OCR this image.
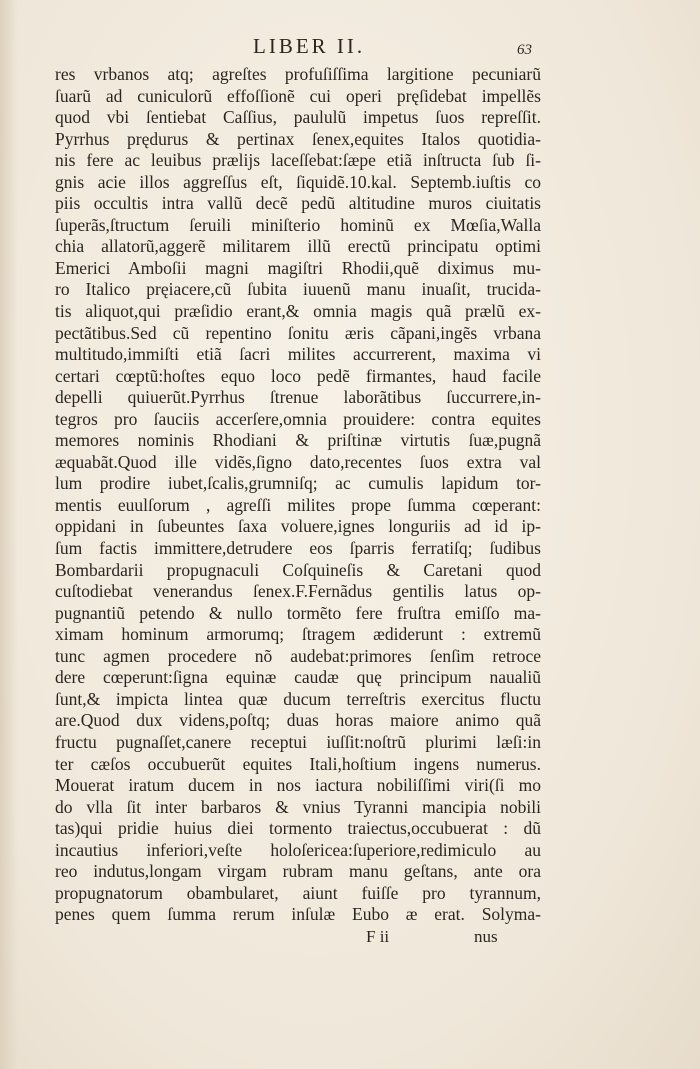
LIBER II.	63
res vrbanos atq; agreſtes profuſiſſima largitione pecuniarũ
ſuarũ ad cuniculorũ effoſſionẽ cui operi pręſidebat impellẽs
quod vbi ſentiebat Caſſius, paululũ impetus ſuos repreſſit.
Pyrrhus prędurus & pertinax ſenex,equites Italos quotidia-
nis fere ac leuibus prælijs laceſſebat:ſæpe etiã inſtructa ſub ſi-
gnis acie illos aggreſſus eſt, ſiquidẽ.10.kal. Septemb.iuſtis co
piis occultis intra vallũ decẽ pedũ altitudine muros ciuitatis
ſuperãs,ſtructum ſeruili miniſterio hominũ ex Mœſia,Walla
chia allatorũ,aggerẽ militarem illũ erectũ principatu optimi
Emerici Amboſii magni magiſtri Rhodii,quẽ diximus mu-
ro Italico pręiacere,cũ ſubita iuuenũ manu inuaſit, trucida-
tis aliquot,qui præſidio erant,& omnia magis quã prælũ ex-
pectãtibus.Sed cũ repentino ſonitu æris cãpani,ingẽs vrbana
multitudo,immiſti etiã ſacri milites accurrerent, maxima vi
certari cœptũ:hoſtes equo loco pedẽ firmantes, haud facile
depelli quiuerũt.Pyrrhus ſtrenue laborãtibus ſuccurrere,in-
tegros pro ſauciis accerſere,omnia prouidere: contra equites
memores nominis Rhodiani & priſtinæ virtutis ſuæ,pugnã
æquabãt.Quod ille vidẽs,ſigno dato,recentes ſuos extra val
lum prodire iubet,ſcalis,grumniſq; ac cumulis lapidum tor-
mentis euulſorum , agreſſi milites prope ſumma cœperant:
oppidani in ſubeuntes ſaxa voluere,ignes longuriis ad id ip-
ſum factis immittere,detrudere eos ſparris ferratiſq; ſudibus
Bombardarii propugnaculi Coſquineſis & Caretani quod
cuſtodiebat venerandus ſenex.F.Fernãdus gentilis latus op-
pugnantiũ petendo & nullo tormẽto fere fruſtra emiſſo ma-
ximam hominum armorumq; ſtragem ædiderunt : extremũ
tunc agmen procedere nõ audebat:primores ſenſim retroce
dere cœperunt:ſigna equinæ caudæ quę principum naualiũ
ſunt,& impicta lintea quæ ducum terreſtris exercitus fluctu
are.Quod dux videns,poſtq; duas horas maiore animo quã
fructu pugnaſſet,canere receptui iuſſit:noſtrũ plurimi læſi:in
ter cæſos occubuerũt equites Itali,hoſtium ingens numerus.
Mouerat iratum ducem in nos iactura nobiliſſimi viri(ſi mo
do vlla ſit inter barbaros & vnius Tyranni mancipia nobili
tas)qui pridie huius diei tormento traiectus,occubuerat : dũ
incautius inferiori,veſte holoſericea:ſuperiore,redimiculo au
reo indutus,longam virgam rubram manu geſtans, ante ora
propugnatorum obambularet, aiunt fuiſſe pro tyrannum,
penes quem ſumma rerum inſulæ Eubo æ erat. Solyma-
F ii	nus
